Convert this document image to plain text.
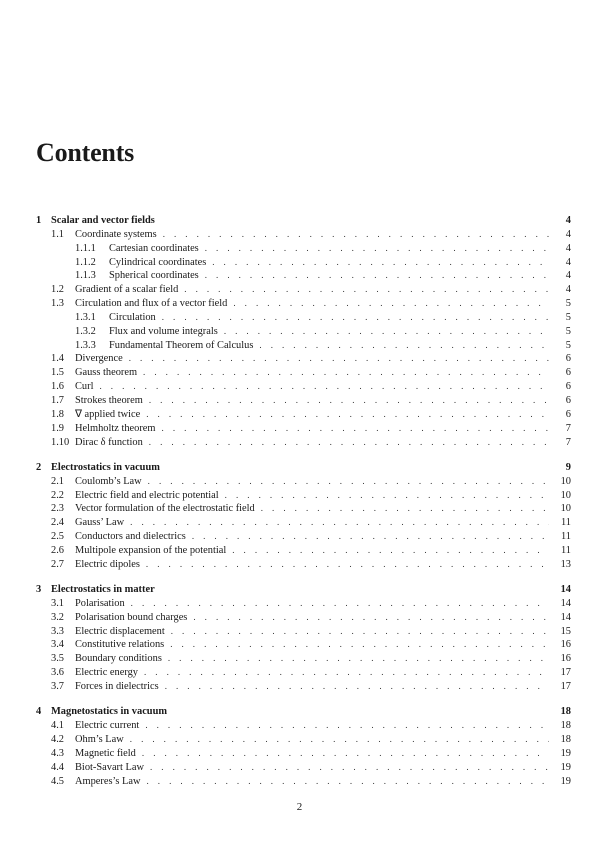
Contents
1 Scalar and vector fields	4
1.1	Coordinate systems . . .	4
1.1.1	Cartesian coordinates . . .	4
1.1.2	Cylindrical coordinates . . .	4
1.1.3	Spherical coordinates . . .	4
1.2	Gradient of a scalar field . . .	4
1.3	Circulation and flux of a vector field . . .	5
1.3.1	Circulation . . .	5
1.3.2	Flux and volume integrals . . .	5
1.3.3	Fundamental Theorem of Calculus . . .	5
1.4	Divergence . . .	6
1.5	Gauss theorem . . .	6
1.6	Curl . . .	6
1.7	Strokes theorem . . .	6
1.8	∇ applied twice . . .	6
1.9	Helmholtz theorem . . .	7
1.10 Dirac δ function . . .	7
2 Electrostatics in vacuum	9
2.1	Coulomb’s Law . . .	10
2.2	Electric field and electric potential . . .	10
2.3	Vector formulation of the electrostatic field . . .	10
2.4	Gauss’ Law . . .	11
2.5	Conductors and dielectrics . . .	11
2.6	Multipole expansion of the potential . . .	11
2.7	Electric dipoles . . .	13
3 Electrostatics in matter	14
3.1	Polarisation . . .	14
3.2	Polarisation bound charges . . .	14
3.3	Electric displacement . . .	15
3.4	Constitutive relations . . .	16
3.5	Boundary conditions . . .	16
3.6	Electric energy . . .	17
3.7	Forces in dielectrics . . .	17
4 Magnetostatics in vacuum	18
4.1	Electric current . . .	18
4.2	Ohm’s Law . . .	18
4.3	Magnetic field . . .	19
4.4	Biot-Savart Law . . .	19
4.5	Amperes’s Law . . .	19
2
